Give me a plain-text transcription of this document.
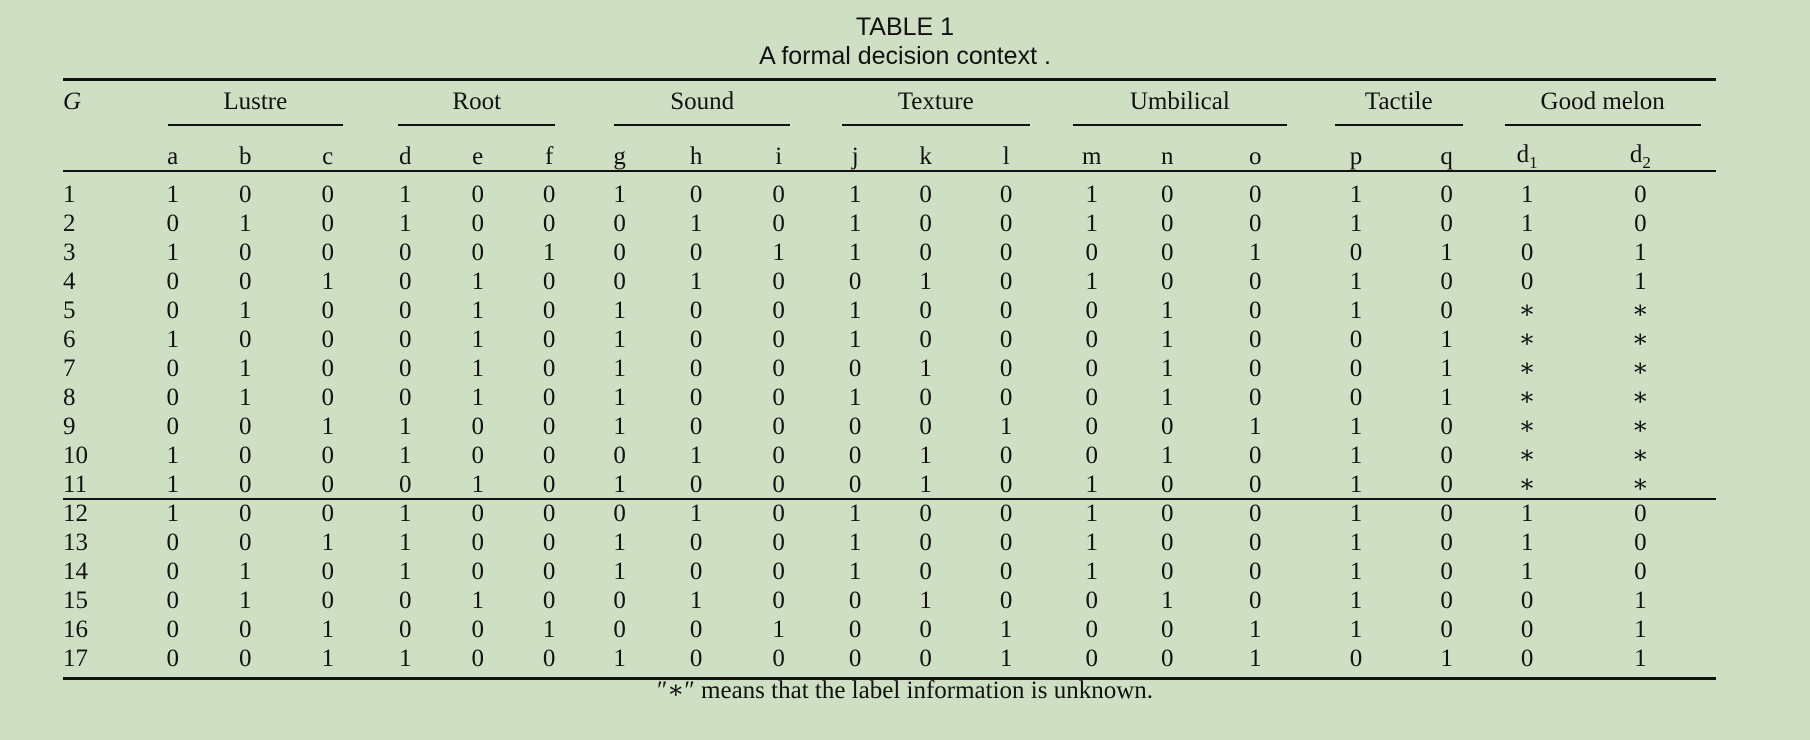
TABLE 1
A formal decision context .
G	Lustre			Root			Sound			Texture			Umbilical			Tactile		Good melon	

	a	b	c	d	e	f	g	h	i	j	k	l	m	n	o	p	q	$d_1$	$d_2$
1	1	0	0	1	0	0	1	0	0	1	0	0	1	0	0	1	0	1	0
2	0	1	0	1	0	0	0	1	0	1	0	0	1	0	0	1	0	1	0
3	1	0	0	0	0	1	0	0	1	1	0	0	0	0	1	0	1	0	1
4	0	0	1	0	1	0	0	1	0	0	1	0	1	0	0	1	0	0	1
5	0	1	0	0	1	0	1	0	0	1	0	0	0	1	0	1	0	∗	∗
6	1	0	0	0	1	0	1	0	0	1	0	0	0	1	0	0	1	∗	∗
7	0	1	0	0	1	0	1	0	0	0	1	0	0	1	0	0	1	∗	∗
8	0	1	0	0	1	0	1	0	0	1	0	0	0	1	0	0	1	∗	∗
9	0	0	1	1	0	0	1	0	0	0	0	1	0	0	1	1	0	∗	∗
10	1	0	0	1	0	0	0	1	0	0	1	0	0	1	0	1	0	∗	∗
11	1	0	0	0	1	0	1	0	0	0	1	0	1	0	0	1	0	∗	∗
12	1	0	0	1	0	0	0	1	0	1	0	0	1	0	0	1	0	1	0
13	0	0	1	1	0	0	1	0	0	1	0	0	1	0	0	1	0	1	0
14	0	1	0	1	0	0	1	0	0	1	0	0	1	0	0	1	0	1	0
15	0	1	0	0	1	0	0	1	0	0	1	0	0	1	0	1	0	0	1
16	0	0	1	0	0	1	0	0	1	0	0	1	0	0	1	1	0	0	1
17	0	0	1	1	0	0	1	0	0	0	0	1	0	0	1	0	1	0	1
″∗″ means that the label information is unknown.
